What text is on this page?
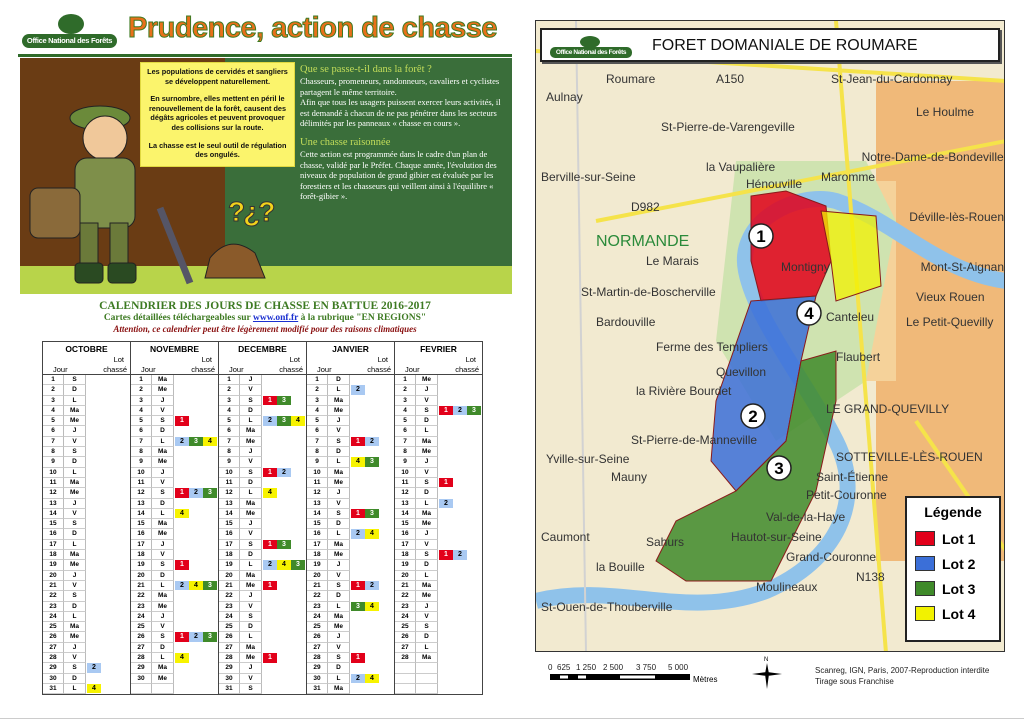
Office National des Forêts Prudence, action de chasse
?¿?

Les populations de cervidés et sangliers se développent naturellement.

En surnombre, elles mettent en péril le renouvellement de la forêt, causent des dégâts agricoles et peuvent provoquer des collisions sur la route.

La chasse est le seul outil de régulation des ongulés.

Que se passe-t-il dans la forêt ?
Chasseurs, promeneurs, randonneurs, cavaliers et cyclistes partagent le même territoire.

Afin que tous les usagers puissent exercer leurs activités, il est demandé à chacun de ne pas pénétrer dans les secteurs délimités par les panneaux « chasse en cours ».

Une chasse raisonnée

Cette action est programmée dans le cadre d'un plan de chasse, validé par le Préfet. Chaque année, l'évolution des niveaux de population de grand gibier est évaluée par les forestiers et les chasseurs qui veillent ainsi à l'équilibre « forêt-gibier ».

CALENDRIER DES JOURS DE CHASSE EN BATTUE 2016-2017
Cartes détaillées téléchargeables sur www.onf.fr à la rubrique "EN REGIONS"
Attention, ce calendrier peut être légèrement modifié pour des raisons climatiques
OCTOBRE
Lot
Jour	chassé
1	S
2	D
3	L
4	Ma
5	Me
6	J
7	V
8	S
9	D
10	L
11	Ma
12	Me
13	J
14	V
15	S
16	D
17	L
18	Ma
19	Me
20	J
21	V
22	S
23	D
24	L
25	Ma
26	Me
27	J
28	V
29	S	2
30	D
31	L	4
NOVEMBRE
Lot
Jour	chassé
1	Ma
2	Me
3	J
4	V
5	S	1
6	D
7	L	2	3	4
8	Ma
9	Me
10	J
11	V
12	S	1	2	3
13	D
14	L	4
15	Ma
16	Me
17	J
18	V
19	S	1
20	D
21	L	2	4	3
22	Ma
23	Me
24	J
25	V
26	S	1	2	3
27	D
28	L	4
29	Ma
30	Me
DECEMBRE
Lot
Jour	chassé
1	J
2	V
3	S	1	3
4	D
5	L	2	3	4
6	Ma
7	Me
8	J
9	V
10	S	1	2
11	D
12	L	4
13	Ma
14	Me
15	J
16	V
17	S	1	3
18	D
19	L	2	4	3
20	Ma
21	Me	1
22	J
23	V
24	S
25	D
26	L
27	Ma
28	Me	1
29	J
30	V
31	S
JANVIER
Lot
Jour	chassé
1	D
2	L	2
3	Ma
4	Me
5	J
6	V
7	S	1	2
8	D
9	L	4	3
10	Ma
11	Me
12	J
13	V
14	S	1	3
15	D
16	L	2	4
17	Ma
18	Me
19	J
20	V
21	S	1	2
22	D
23	L	3	4
24	Ma
25	Me
26	J
27	V
28	S	1
29	D
30	L	2	4
31	Ma
FEVRIER
Lot
Jour	chassé
1	Me
2	J
3	V
4	S	1	2	3
5	D
6	L
7	Ma
8	Me
9	J
10	V
11	S	1
12	D
13	L	2
14	Ma
15	Me
16	J
17	V
18	S	1	2
19	D
20	L
21	Ma
22	Me
23	J
24	V
25	S
26	D
27	L
28	Ma
1
2
3
4
Roumare	St-Jean-du-Cardonnay
Le Houlme
Aulnay
St-Pierre-de-Varengeville
la Vaupalière
Maromme
Notre-Dame-de-Bondeville
Berville-sur-Seine	Hénouville
Déville-lès-Rouen
NORMANDE
Le Marais
St-Martin-de-Boscherville
Montigny	Mont-St-Aignan
Bardouville	Canteleu
Vieux Rouen
Le Petit-Quevilly
Ferme des Templiers
Quevillon
Flaubert
la Rivière Bourdet
St-Pierre-de-Manneville
LE GRAND-QUEVILLY
Yville-sur-Seine
Mauny
Val-de-la-Haye
SOTTEVILLE-LÈS-ROUEN
Petit-Couronne
Saint-Étienne
Caumont	Sahurs	Hautot-sur-Seine
Grand-Couronne
la Bouille
Moulineaux
St-Ouen-de-Thouberville
A150
N138
D982
Office National des Forêts	FORET DOMANIALE DE ROUMARE
Légende
Lot 1
Lot 2
Lot 3
Lot 4
0 625 1 250 2 500 3 750 5 000
Mètres
N
Scanreg, IGN, Paris, 2007-Reproduction interdite
Tirage sous Franchise
